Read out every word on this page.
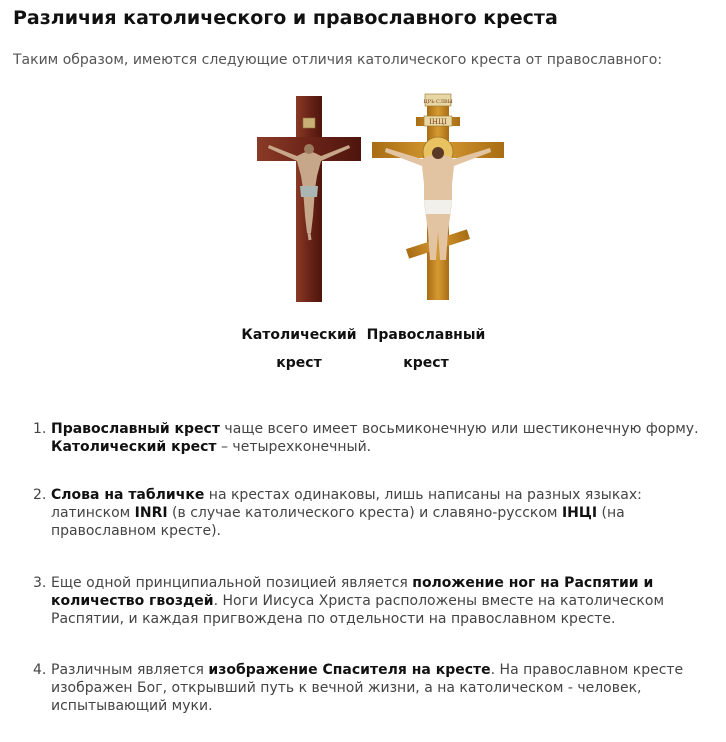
Различия католического и православного креста

Таким образом, имеются следующие отличия католического креста от православного:

ЦРЬ СЛВЫ
IНЦI
Католический
крест
Православный
крест
1. Православный крест чаще всего имеет восьмиконечную или шестиконечную форму. Католический крест – четырехконечный.
2. Слова на табличке на крестах одинаковы, лишь написаны на разных языках: латинском INRI (в случае католического креста) и славяно-русском IНЦI (на православном кресте).
3. Еще одной принципиальной позицией является положение ног на Распятии и количество гвоздей. Ноги Иисуса Христа расположены вместе на католическом Распятии, и каждая пригвождена по отдельности на православном кресте.
4. Различным является изображение Спасителя на кресте. На православном кресте изображен Бог, открывший путь к вечной жизни, а на католическом - человек, испытывающий муки.
